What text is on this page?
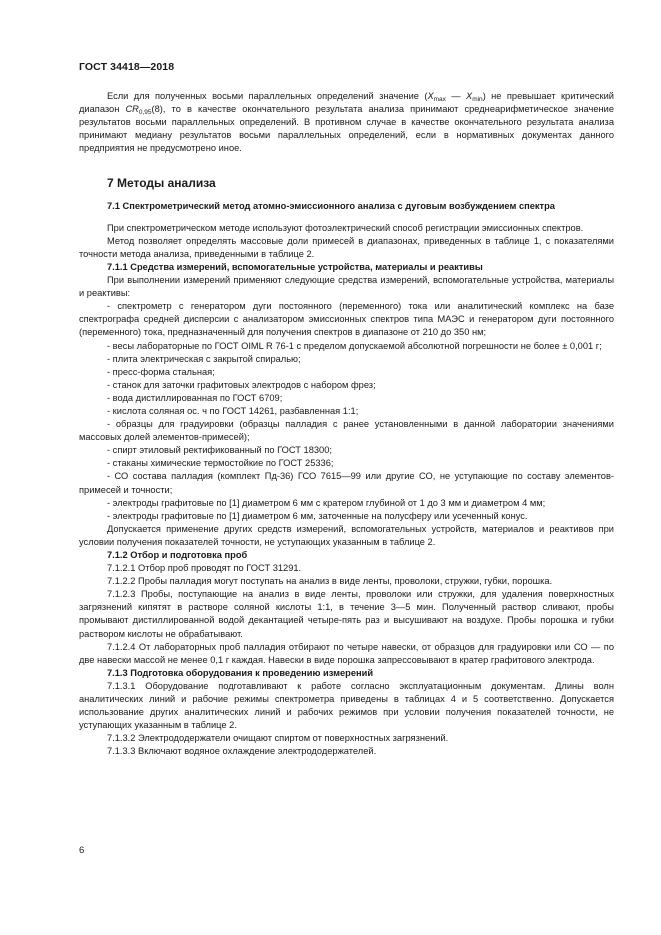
ГОСТ 34418—2018

Если для полученных восьми параллельных определений значение ($X_{max}$ — $X_{min}$) не превышает критический диапазон $CR_{0,95}(8)$, то в качестве окончательного результата анализа принимают среднеарифметическое значение результатов восьми параллельных определений. В противном случае в качестве окончательного результата анализа принимают медиану результатов восьми параллельных определений, если в нормативных документах данного предприятия не предусмотрено иное.

7 Методы анализа
7.1 Спектрометрический метод атомно-эмиссионного анализа с дуговым возбуждением спектра

При спектрометрическом методе используют фотоэлектрический способ регистрации эмиссионных спектров.

Метод позволяет определять массовые доли примесей в диапазонах, приведенных в таблице 1, с показателями точности метода анализа, приведенными в таблице 2.

7.1.1 Средства измерений, вспомогательные устройства, материалы и реактивы

При выполнении измерений применяют следующие средства измерений, вспомогательные устройства, материалы и реактивы:

- спектрометр с генератором дуги постоянного (переменного) тока или аналитический комплекс на базе спектрографа средней дисперсии с анализатором эмиссионных спектров типа МАЭС и генератором дуги постоянного (переменного) тока, предназначенный для получения спектров в диапазоне от 210 до 350 нм;

- весы лабораторные по ГОСТ OIML R 76-1 с пределом допускаемой абсолютной погрешности не более ± 0,001 г;

- плита электрическая с закрытой спиралью;

- пресс-форма стальная;

- станок для заточки графитовых электродов с набором фрез;

- вода дистиллированная по ГОСТ 6709;

- кислота соляная ос. ч по ГОСТ 14261, разбавленная 1:1;

- образцы для градуировки (образцы палладия с ранее установленными в данной лаборатории значениями массовых долей элементов-примесей);

- спирт этиловый ректификованный по ГОСТ 18300;

- стаканы химические термостойкие по ГОСТ 25336;

- СО состава палладия (комплект Пд-36) ГСО 7615—99 или другие СО, не уступающие по составу элементов-примесей и точности;

- электроды графитовые по [1] диаметром 6 мм с кратером глубиной от 1 до 3 мм и диаметром 4 мм;

- электроды графитовые по [1] диаметром 6 мм, заточенные на полусферу или усеченный конус.

Допускается применение других средств измерений, вспомогательных устройств, материалов и реактивов при условии получения показателей точности, не уступающих указанным в таблице 2.

7.1.2 Отбор и подготовка проб

7.1.2.1 Отбор проб проводят по ГОСТ 31291.

7.1.2.2 Пробы палладия могут поступать на анализ в виде ленты, проволоки, стружки, губки, порошка.

7.1.2.3 Пробы, поступающие на анализ в виде ленты, проволоки или стружки, для удаления поверхностных загрязнений кипятят в растворе соляной кислоты 1:1, в течение 3—5 мин. Полученный раствор сливают, пробы промывают дистиллированной водой декантацией четыре-пять раз и высушивают на воздухе. Пробы порошка и губки раствором кислоты не обрабатывают.

7.1.2.4 От лабораторных проб палладия отбирают по четыре навески, от образцов для градуировки или СО — по две навески массой не менее 0,1 г каждая. Навески в виде порошка запрессовывают в кратер графитового электрода.

7.1.3 Подготовка оборудования к проведению измерений

7.1.3.1 Оборудование подготавливают к работе согласно эксплуатационным документам. Длины волн аналитических линий и рабочие режимы спектрометра приведены в таблицах 4 и 5 соответственно. Допускается использование других аналитических линий и рабочих режимов при условии получения показателей точности, не уступающих указанным в таблице 2.

7.1.3.2 Электрододержатели очищают спиртом от поверхностных загрязнений.

7.1.3.3 Включают водяное охлаждение электрододержателей.

6
